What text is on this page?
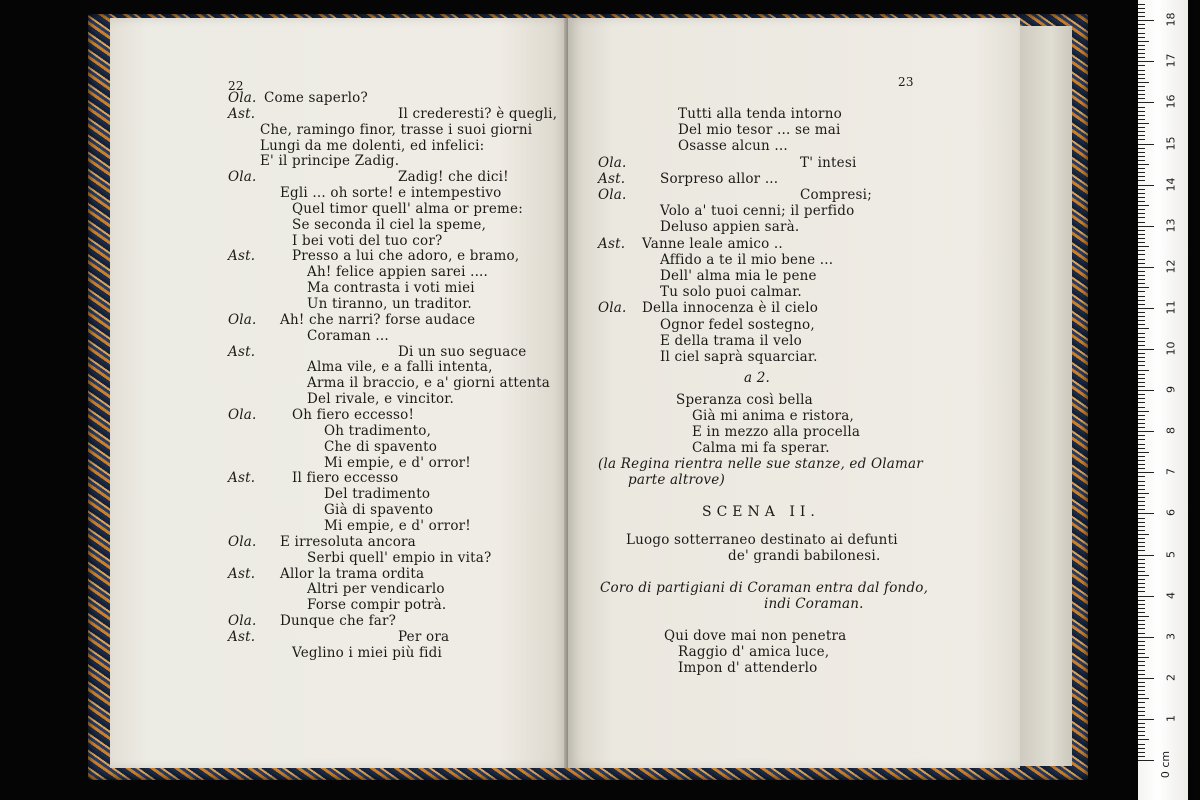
22
Ola. Come saperlo?
Ast.	Il crederesti? è quegli,
Che, ramingo finor, trasse i suoi giorni
Lungi da me dolenti, ed infelici:
E' il principe Zadig.
Ola.	Zadig! che dici!
Egli ... oh sorte! e intempestivo
Quel timor quell' alma or preme:
Se seconda il ciel la speme,
I bei voti del tuo cor?
Ast.	Presso a lui che adoro, e bramo,
Ah! felice appien sarei ....
Ma contrasta i voti miei
Un tiranno, un traditor.
Ola. Ah! che narri? forse audace
Coraman ...
Ast.	Di un suo seguace
Alma vile, e a falli intenta,
Arma il braccio, e a' giorni attenta
Del rivale, e vincitor.
Ola.	Oh fiero eccesso!
Oh tradimento,
Che di spavento
Mi empie, e d' orror!
Ast.	Il fiero eccesso
Del tradimento
Già di spavento
Mi empie, e d' orror!
Ola. E irresoluta ancora
Serbi quell' empio in vita?
Ast. Allor la trama ordita
Altri per vendicarlo
Forse compir potrà.
Ola. Dunque che far?
Ast.	Per ora
Veglino i miei più fidi
23
Tutti alla tenda intorno
Del mio tesor ... se mai
Osasse alcun ...
Ola.	T' intesi
Ast.	Sorpreso allor ...
Ola.	Compresi;
Volo a' tuoi cenni; il perfido
Deluso appien sarà.
Ast. Vanne leale amico ..
Affido a te il mio bene ...
Dell' alma mia le pene
Tu solo puoi calmar.
Ola. Della innocenza è il cielo
Ognor fedel sostegno,
E della trama il velo
Il ciel saprà squarciar.
a 2.
Speranza così bella
Già mi anima e ristora,
E in mezzo alla procella
Calma mi fa sperar.
(la Regina rientra nelle sue stanze, ed Olamar
parte altrove)
SCENA II.
Luogo sotterraneo destinato ai defunti
de' grandi babilonesi.
Coro di partigiani di Coraman entra dal fondo,
indi Coraman.
Qui dove mai non penetra
Raggio d' amica luce,
Impon d' attenderlo
0 cm
1
2
3
4
5
6
7
8
9
10
11
12
13
14
15
16
17
18
